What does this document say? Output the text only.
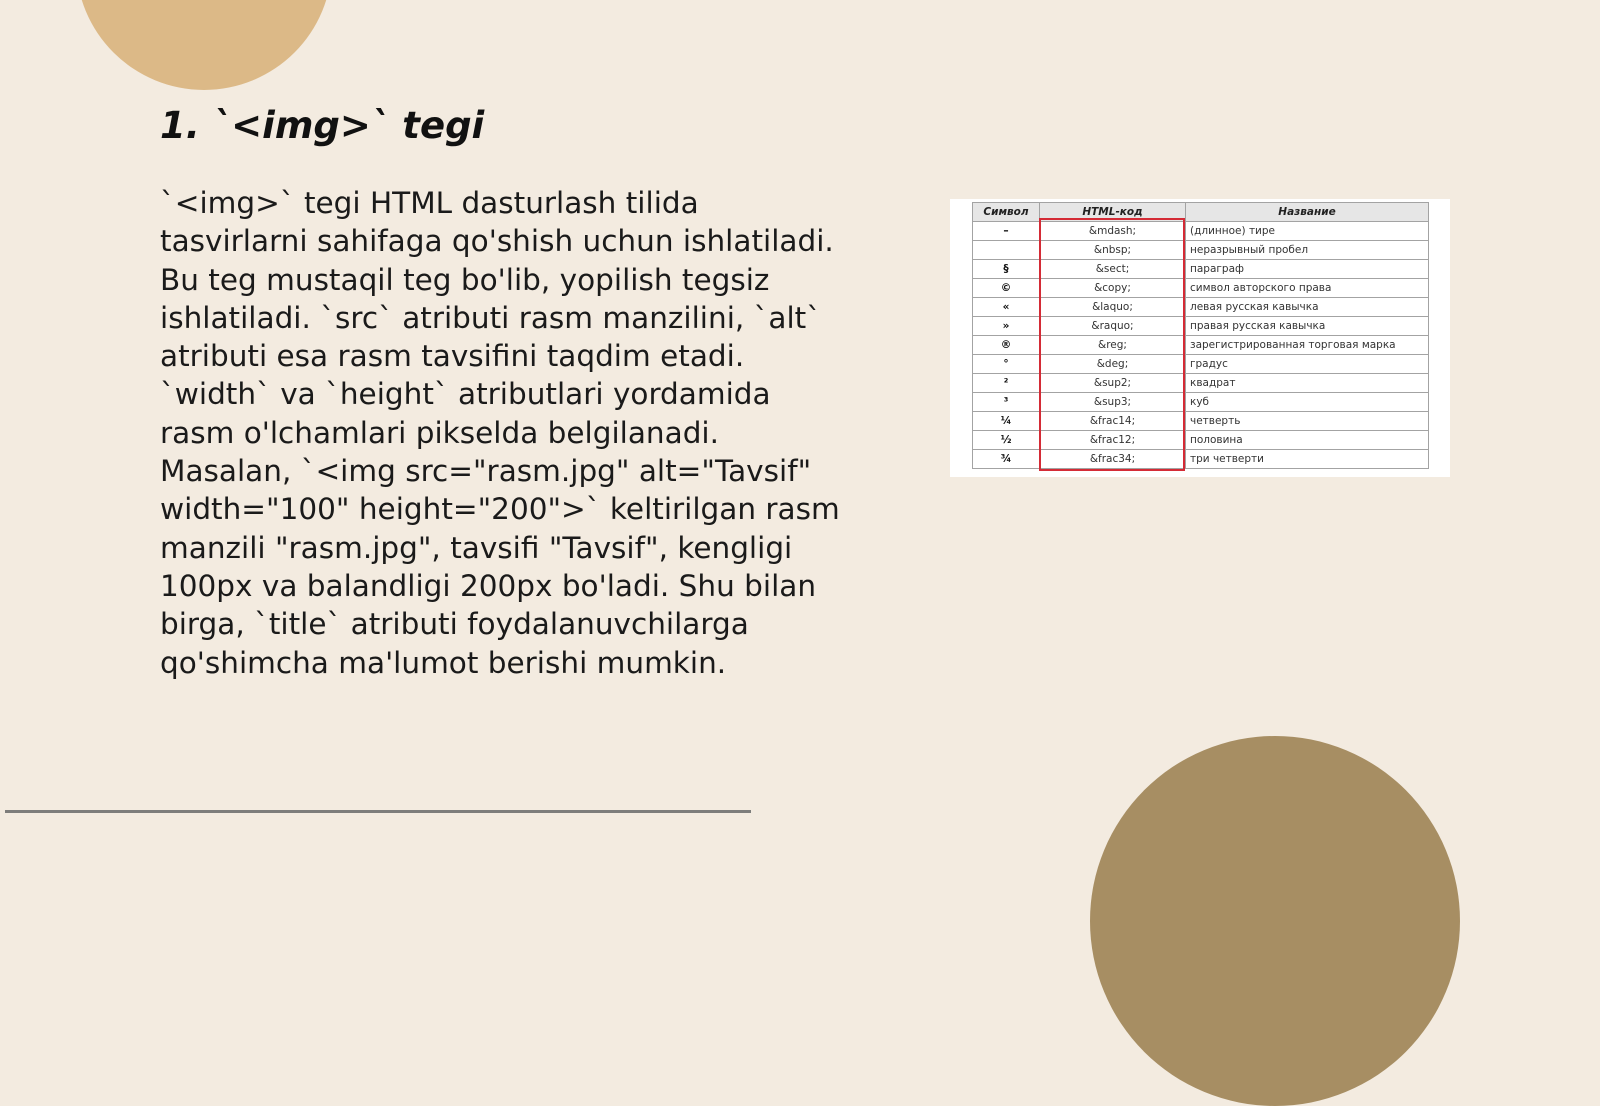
1. `<img>` tegi

`<img>` tegi HTML dasturlash tilida tasvirlarni sahifaga qo'shish uchun ishlatiladi. Bu teg mustaqil teg bo'lib, yopilish tegsiz ishlatiladi. `src` atributi rasm manzilini, `alt` atributi esa rasm tavsifini taqdim etadi. `width` va `height` atributlari yordamida rasm o'lchamlari pikselda belgilanadi. Masalan, `<img src="rasm.jpg" alt="Tavsif" width="100" height="200">` keltirilgan rasm manzili "rasm.jpg", tavsifi "Tavsif", kengligi 100px va balandligi 200px bo'ladi. Shu bilan birga, `title` atributi foydalanuvchilarga qo'shimcha ma'lumot berishi mumkin.

Символ	HTML-код	Название
–	&mdash;	(длинное) тире
	&nbsp;	неразрывный пробел
§	&sect;	параграф
©	&copy;	символ авторского права
«	&laquo;	левая русская кавычка
»	&raquo;	правая русская кавычка
®	&reg;	зарегистрированная торговая марка
°	&deg;	градус
²	&sup2;	квадрат
³	&sup3;	куб
¼	&frac14;	четверть
½	&frac12;	половина
¾	&frac34;	три четверти
